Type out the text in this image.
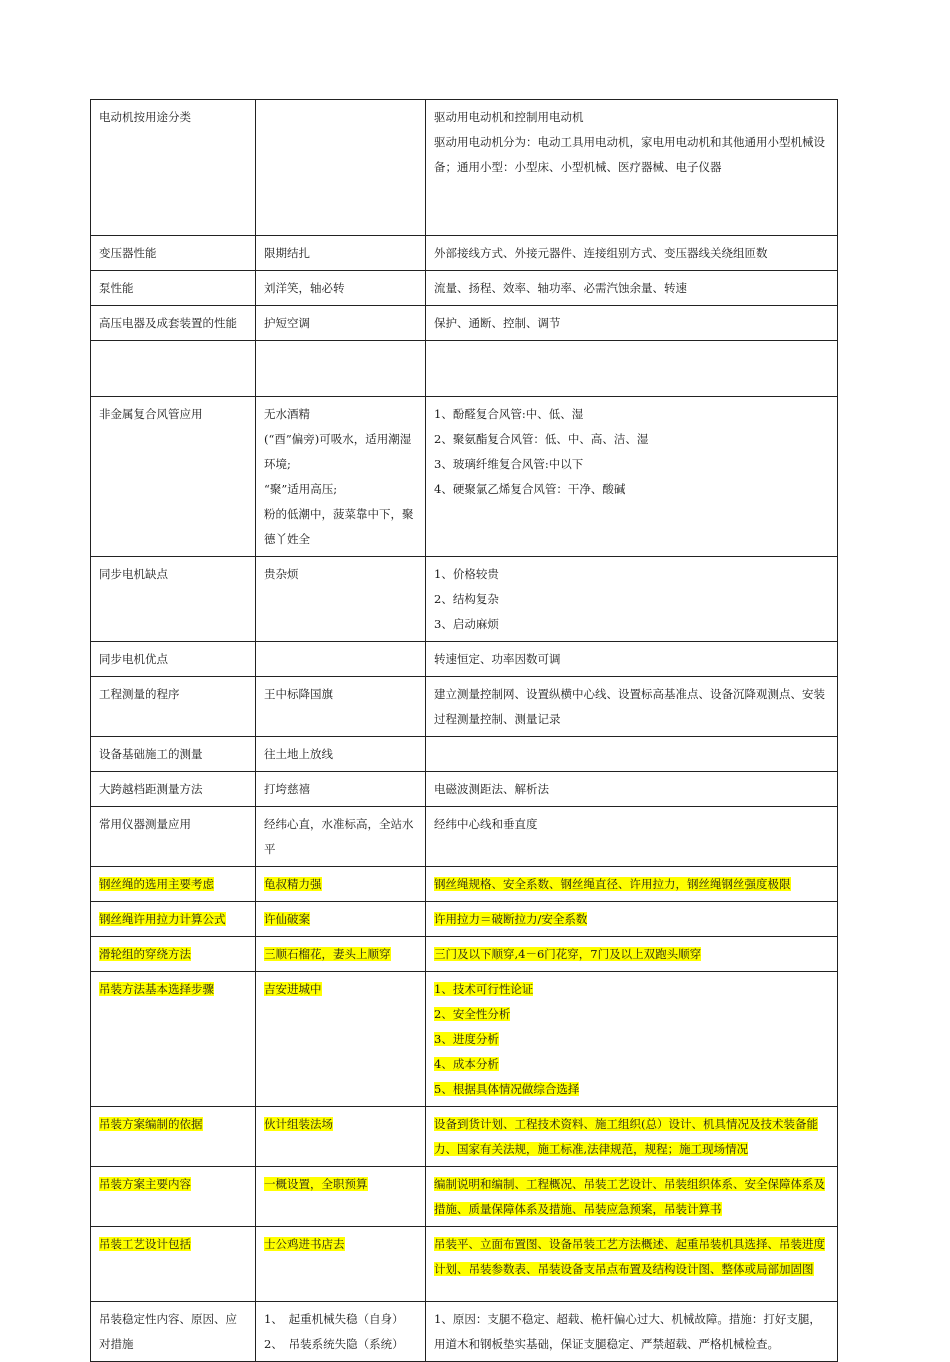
电动机按用途分类		驱动用电动机和控制用电动机
驱动用电动机分为：电动工具用电动机，家电用电动机和其他通用小型机械设备；通用小型：小型床、小型机械、医疗器械、电子仪器

变压器性能	限期结扎	外部接线方式、外接元器件、连接组别方式、变压器线关绕组匝数

泵性能	刘洋笑，轴必转	流量、扬程、效率、轴功率、必需汽蚀余量、转速

高压电器及成套装置的性能	护短空调	保护、通断、控制、调节

非金属复合风管应用	无水酒精
(“酉”偏旁)可吸水，适用潮湿环境;
“聚”适用高压;
粉的低潮中，菠菜靠中下，聚德丫姓全	1、酚醛复合风管:中、低、湿
2、聚氨酯复合风管：低、中、高、洁、湿
3、玻璃纤维复合风管:中以下
4、硬聚氯乙烯复合风管：干净、酸碱

同步电机缺点	贵杂烦	1、价格较贵
2、结构复杂
3、启动麻烦

同步电机优点		转速恒定、功率因数可调

工程测量的程序	王中标降国旗	建立测量控制网、设置纵横中心线、设置标高基准点、设备沉降观测点、安装过程测量控制、测量记录

设备基础施工的测量	往土地上放线	

大跨越档距测量方法	打垮慈禧	电磁波测距法、解析法

常用仪器测量应用	经纬心直，水准标高，全站水平	经纬中心线和垂直度

钢丝绳的选用主要考虑	龟叔精力强	钢丝绳规格、安全系数、钢丝绳直径、许用拉力，钢丝绳钢丝强度极限

钢丝绳许用拉力计算公式	许仙破案	许用拉力＝破断拉力/安全系数

滑轮组的穿绕方法	三顺石榴花，妻头上顺穿	三门及以下顺穿,4－6门花穿，7门及以上双跑头顺穿

吊装方法基本选择步骤	吉安进城中	1、技术可行性论证
2、安全性分析
3、进度分析
4、成本分析
5、根据具体情况做综合选择

吊装方案编制的依据	伙计组装法场	设备到货计划、工程技术资料、施工组织(总）设计、机具情况及技术装备能力、国家有关法规，施工标准,法律规范，规程；施工现场情况

吊装方案主要内容	一概设置，全职预算	编制说明和编制、工程概况、吊装工艺设计、吊装组织体系、安全保障体系及措施、质量保障体系及措施、吊装应急预案，吊装计算书

吊装工艺设计包括	士公鸡进书店去	吊装平、立面布置图、设备吊装工艺方法概述、起重吊装机具选择、吊装进度计划、吊装参数表、吊装设备支吊点布置及结构设计图、整体或局部加固图

吊装稳定性内容、原因、应对措施	1、　起重机械失稳（自身）
2、　吊装系统失隐（系统）	1、原因：支腿不稳定、超载、桅杆偏心过大、机械故障。措施：打好支腿，用道木和钢板垫实基础，保证支腿稳定、严禁超载、严格机械检查。
